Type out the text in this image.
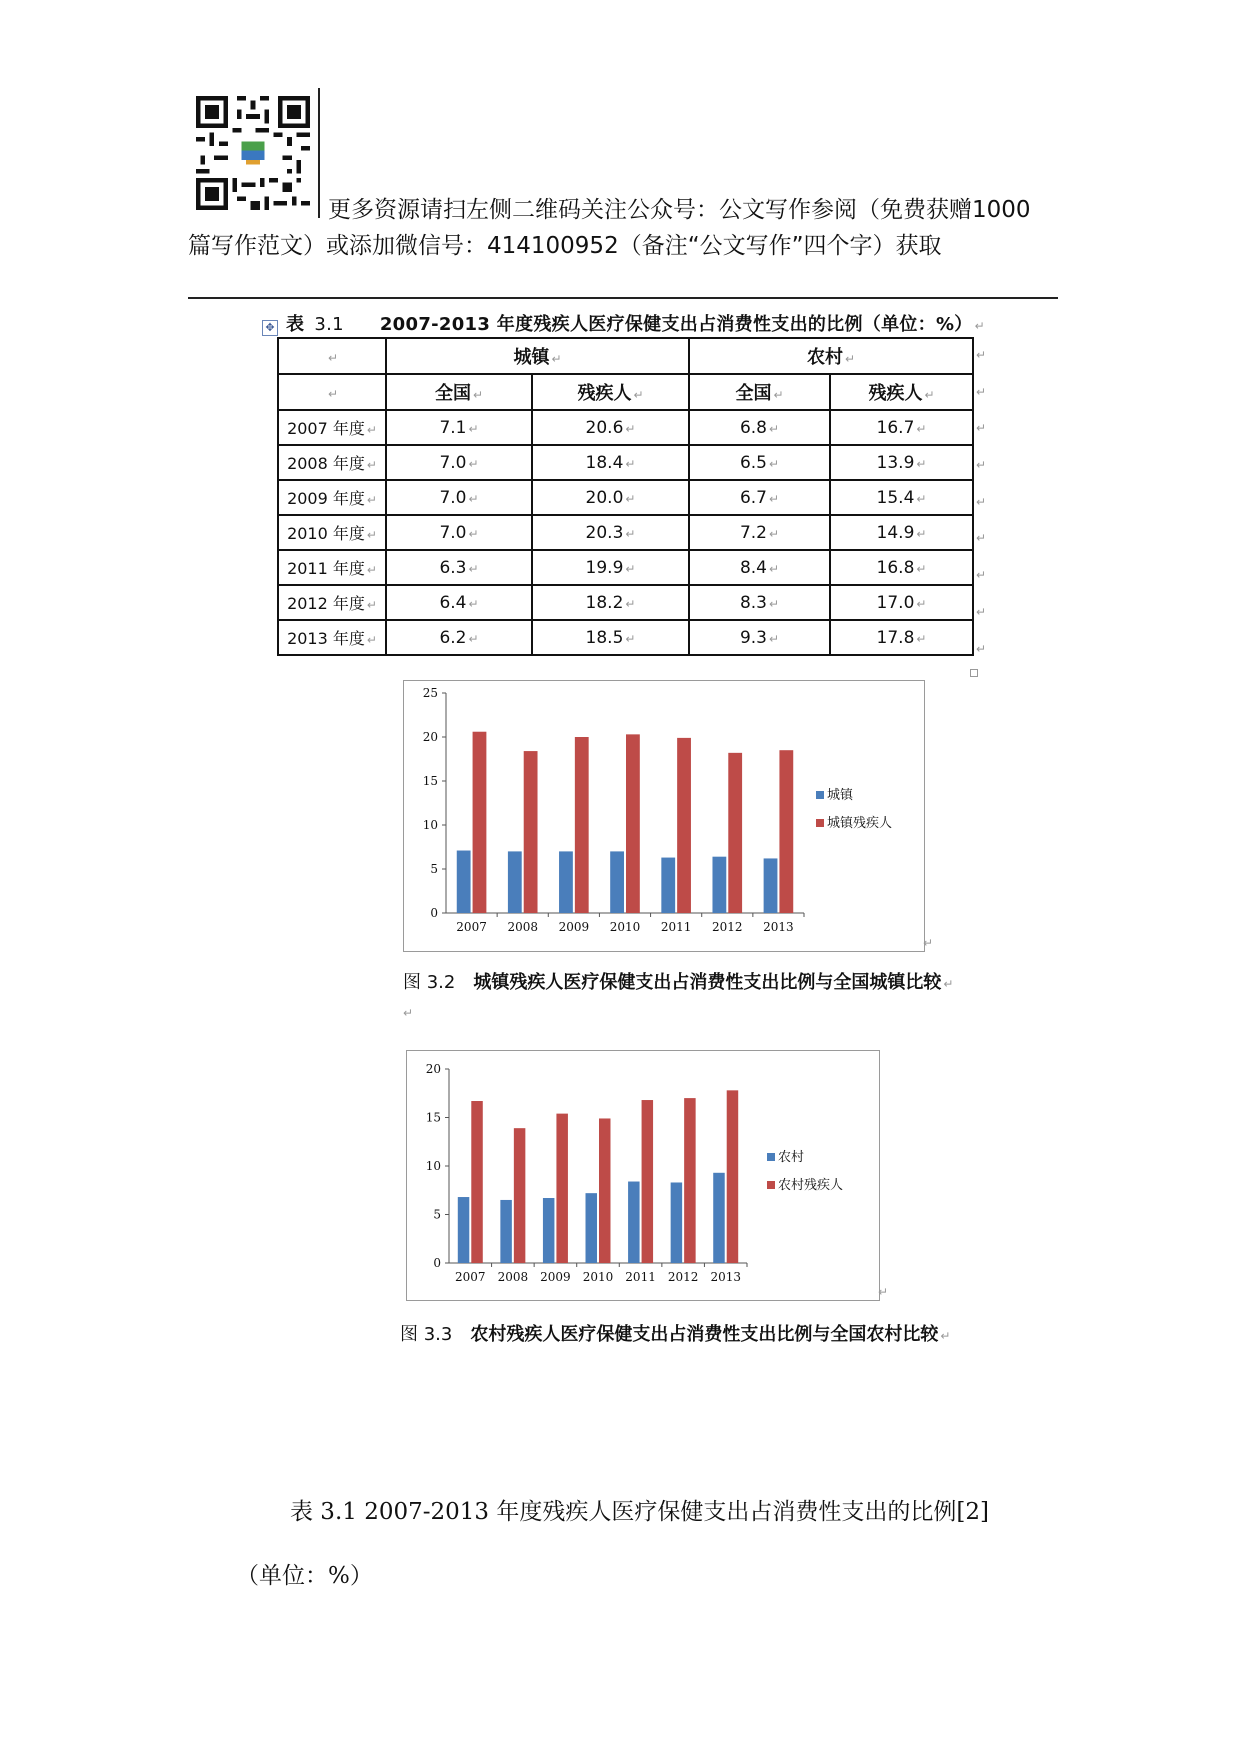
更多资源请扫左侧二维码关注公众号：公文写作参阅（免费获赠1000篇写作范文）或添加微信号：414100952（备注“公文写作”四个字）获取

✥ 表 3.1 2007-2013 年度残疾人医疗保健支出占消费性支出的比例（单位：%） ↵
↵	城镇 ↵		农村 ↵	
↵	全国 ↵	残疾人 ↵	全国 ↵	残疾人 ↵
2007 年度 ↵	7.1 ↵	20.6 ↵	6.8 ↵	16.7 ↵
2008 年度 ↵	7.0 ↵	18.4 ↵	6.5 ↵	13.9 ↵
2009 年度 ↵	7.0 ↵	20.0 ↵	6.7 ↵	15.4 ↵
2010 年度 ↵	7.0 ↵	20.3 ↵	7.2 ↵	14.9 ↵
2011 年度 ↵	6.3 ↵	19.9 ↵	8.4 ↵	16.8 ↵
2012 年度 ↵	6.4 ↵	18.2 ↵	8.3 ↵	17.0 ↵
2013 年度 ↵	6.2 ↵	18.5 ↵	9.3 ↵	17.8 ↵
↵
↵
↵
↵
↵
↵
↵
↵
↵
0
5
10
15
20
25
2007 2008 2009 2010 2011 2012 2013
城镇
城镇残疾人
↵
图 3.2 城镇残疾人医疗保健支出占消费性支出比例与全国城镇比较 ↵
↵
0
5
10
15
20
2007 2008 2009 2010 2011 2012 2013
农村
农村残疾人
↵
图 3.3 农村残疾人医疗保健支出占消费性支出比例与全国农村比较 ↵

表 3.1 2007-2013 年度残疾人医疗保健支出占消费性支出的比例[2]（单位：%）
